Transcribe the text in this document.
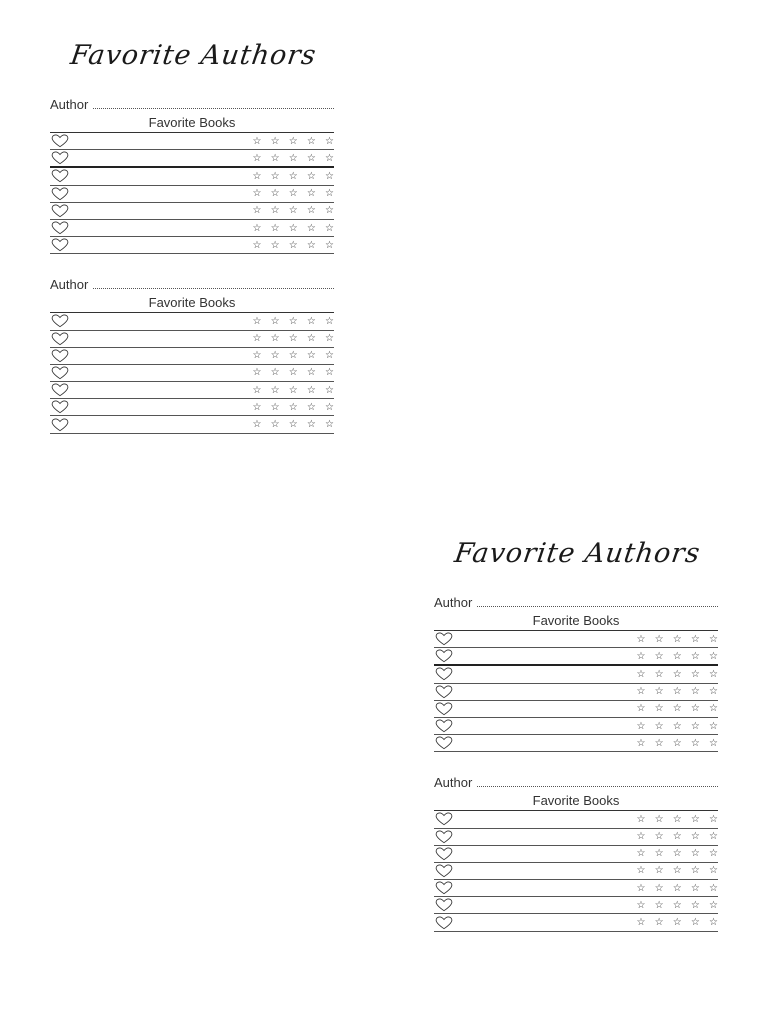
Favorite Authors
Author
Favorite Books
☆ ☆ ☆ ☆ ☆
☆ ☆ ☆ ☆ ☆
☆ ☆ ☆ ☆ ☆
☆ ☆ ☆ ☆ ☆
☆ ☆ ☆ ☆ ☆
☆ ☆ ☆ ☆ ☆
☆ ☆ ☆ ☆ ☆
Author
Favorite Books
☆ ☆ ☆ ☆ ☆
☆ ☆ ☆ ☆ ☆
☆ ☆ ☆ ☆ ☆
☆ ☆ ☆ ☆ ☆
☆ ☆ ☆ ☆ ☆
☆ ☆ ☆ ☆ ☆
☆ ☆ ☆ ☆ ☆
Favorite Authors
Author
Favorite Books
☆ ☆ ☆ ☆ ☆
☆ ☆ ☆ ☆ ☆
☆ ☆ ☆ ☆ ☆
☆ ☆ ☆ ☆ ☆
☆ ☆ ☆ ☆ ☆
☆ ☆ ☆ ☆ ☆
☆ ☆ ☆ ☆ ☆
Author
Favorite Books
☆ ☆ ☆ ☆ ☆
☆ ☆ ☆ ☆ ☆
☆ ☆ ☆ ☆ ☆
☆ ☆ ☆ ☆ ☆
☆ ☆ ☆ ☆ ☆
☆ ☆ ☆ ☆ ☆
☆ ☆ ☆ ☆ ☆
